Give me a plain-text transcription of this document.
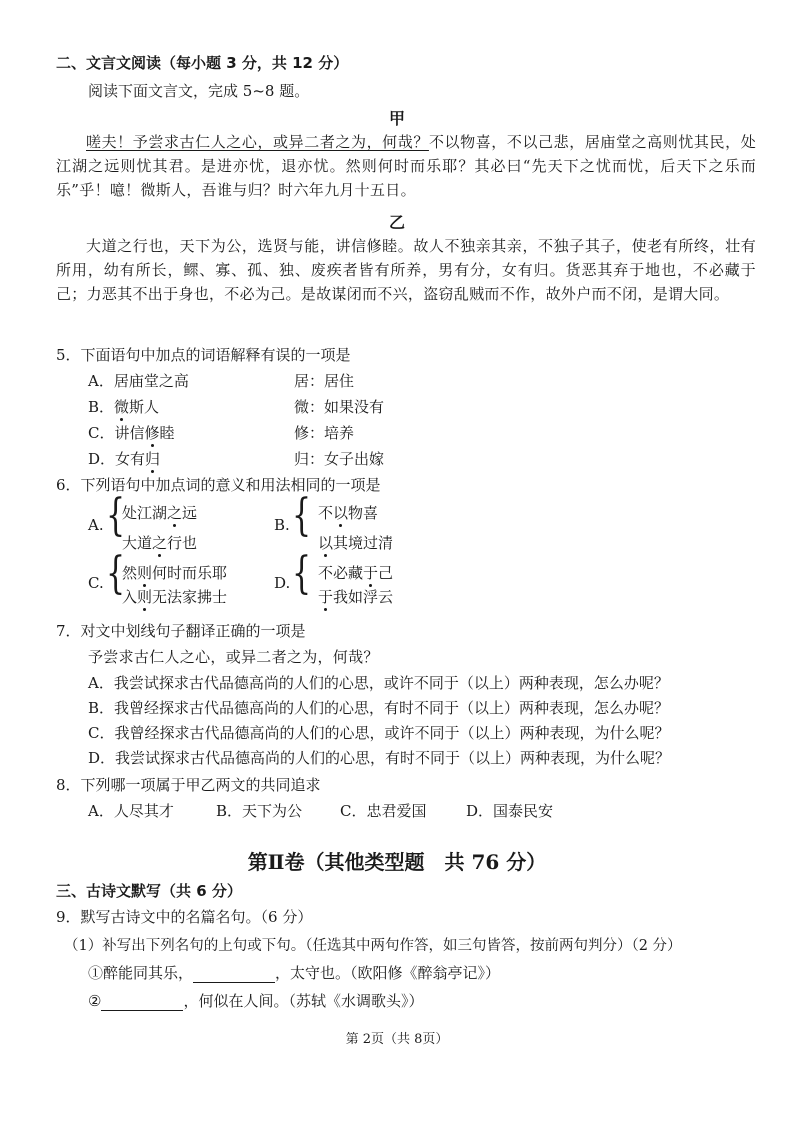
二、文言文阅读（每小题 3 分，共 12 分）
阅读下面文言文，完成 5~8 题。
甲
嗟夫！予尝求古仁人之心，或异二者之为，何哉？不以物喜，不以己悲，居庙堂之高则忧其民，处江湖之远则忧其君。是进亦忧，退亦忧。然则何时而乐耶？其必曰“先天下之忧而忧，后天下之乐而乐”乎！噫！微斯人，吾谁与归？时六年九月十五日。
乙
大道之行也，天下为公，选贤与能，讲信修睦。故人不独亲其亲，不独子其子，使老有所终，壮有所用，幼有所长，鳏、寡、孤、独、废疾者皆有所养，男有分，女有归。货恶其弃于地也，不必藏于己；力恶其不出于身也，不必为己。是故谋闭而不兴，盗窃乱贼而不作，故外户而不闭，是谓大同。
5．下面语句中加点的词语解释有误的一项是
A．居庙堂之高	居：居住
B．微斯人	微：如果没有
C．讲信修睦	修：培养
D．女有归	归：女子出嫁
6．下列语句中加点词的意义和用法相同的一项是
A. {
处江湖之远
大道之行也
B. { 不以物喜
以其境过清
C. {
然则何时而乐耶
入则无法家拂士
D. { 不必藏于己
于我如浮云
7．对文中划线句子翻译正确的一项是
予尝求古仁人之心，或异二者之为，何哉？
A．我尝试探求古代品德高尚的人们的心思，或许不同于（以上）两种表现，怎么办呢？
B．我曾经探求古代品德高尚的人们的心思，有时不同于（以上）两种表现，怎么办呢？
C．我曾经探求古代品德高尚的人们的心思，或许不同于（以上）两种表现，为什么呢？
D．我尝试探求古代品德高尚的人们的心思，有时不同于（以上）两种表现，为什么呢？
8．下列哪一项属于甲乙两文的共同追求
A．人尽其才	B．天下为公	C．忠君爱国	D．国泰民安
第Ⅱ卷（其他类型题　共 76 分）
三、古诗文默写（共 6 分）
9．默写古诗文中的名篇名句。（6 分）
（1）补写出下列名句的上句或下句。（任选其中两句作答，如三句皆答，按前两句判分）（2 分）
①醉能同其乐，	，太守也。（欧阳修《醉翁亭记》）
②	，何似在人间。（苏轼《水调歌头》）
第 2页（共 8页）
